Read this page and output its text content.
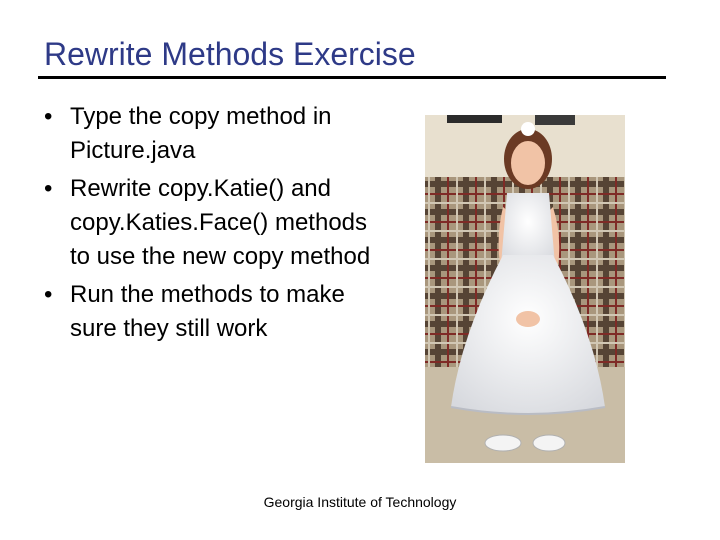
Rewrite Methods Exercise
• Type the copy method in Picture.java
• Rewrite copy.Katie() and copy.Katies.Face() methods to use the new copy method
• Run the methods to make sure they still work
Georgia Institute of Technology
